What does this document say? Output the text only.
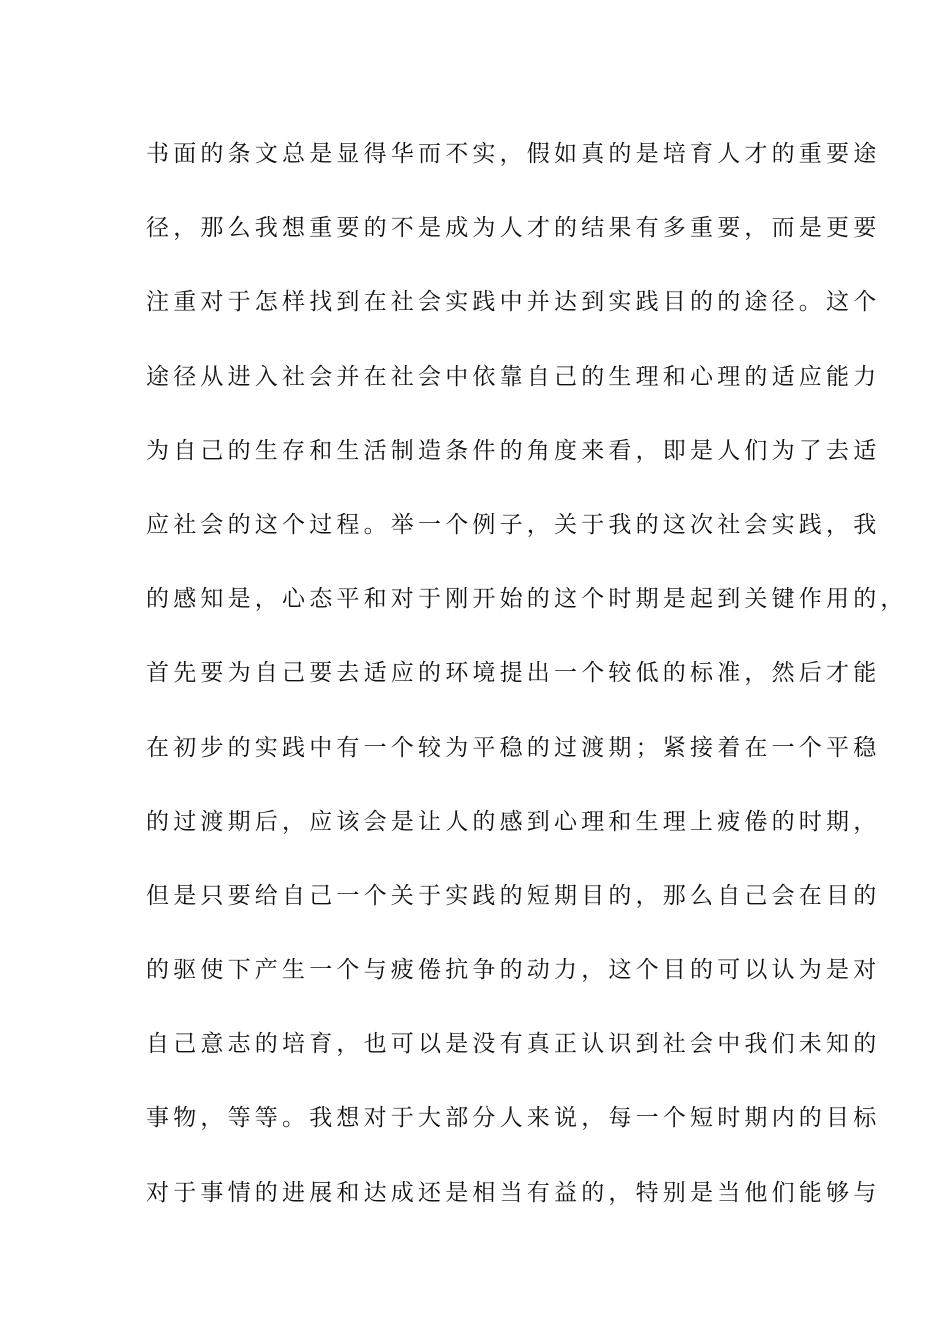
书面的条文总是显得华而不实，假如真的是培育人才的重要途
径，那么我想重要的不是成为人才的结果有多重要，而是更要
注重对于怎样找到在社会实践中并达到实践目的的途径。这个
途径从进入社会并在社会中依靠自己的生理和心理的适应能力
为自己的生存和生活制造条件的角度来看，即是人们为了去适
应社会的这个过程。举一个例子，关于我的这次社会实践，我
的感知是，心态平和对于刚开始的这个时期是起到关键作用的，
首先要为自己要去适应的环境提出一个较低的标准，然后才能
在初步的实践中有一个较为平稳的过渡期；紧接着在一个平稳
的过渡期后，应该会是让人的感到心理和生理上疲倦的时期，
但是只要给自己一个关于实践的短期目的，那么自己会在目的
的驱使下产生一个与疲倦抗争的动力，这个目的可以认为是对
自己意志的培育，也可以是没有真正认识到社会中我们未知的
事物，等等。我想对于大部分人来说，每一个短时期内的目标
对于事情的进展和达成还是相当有益的，特别是当他们能够与
